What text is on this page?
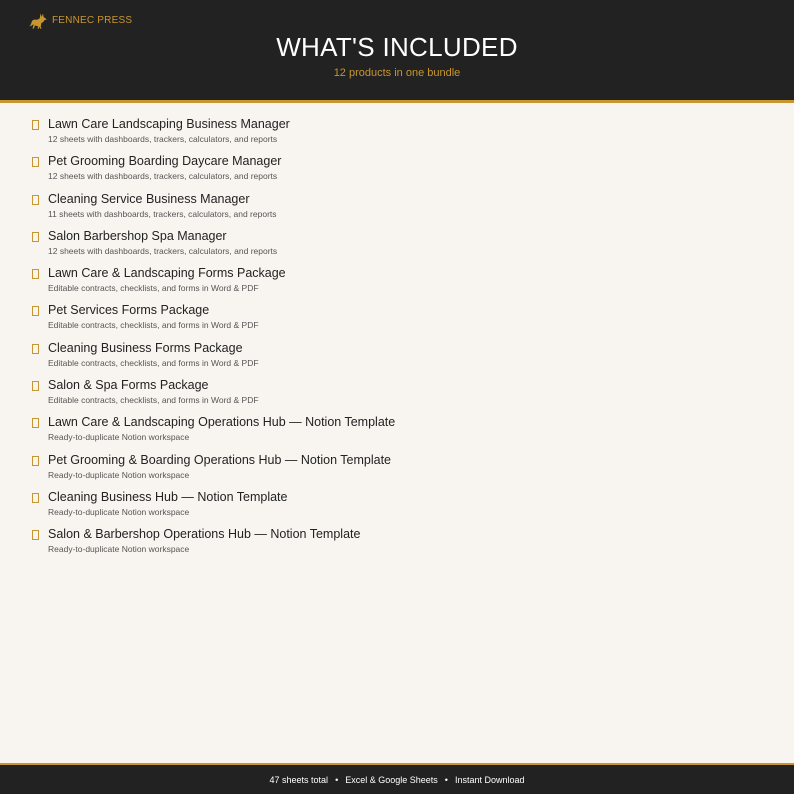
FENNEC PRESS
WHAT'S INCLUDED
12 products in one bundle
Lawn Care Landscaping Business Manager
12 sheets with dashboards, trackers, calculators, and reports
Pet Grooming Boarding Daycare Manager
12 sheets with dashboards, trackers, calculators, and reports
Cleaning Service Business Manager
11 sheets with dashboards, trackers, calculators, and reports
Salon Barbershop Spa Manager
12 sheets with dashboards, trackers, calculators, and reports
Lawn Care & Landscaping Forms Package
Editable contracts, checklists, and forms in Word & PDF
Pet Services Forms Package
Editable contracts, checklists, and forms in Word & PDF
Cleaning Business Forms Package
Editable contracts, checklists, and forms in Word & PDF
Salon & Spa Forms Package
Editable contracts, checklists, and forms in Word & PDF
Lawn Care & Landscaping Operations Hub — Notion Template
Ready-to-duplicate Notion workspace
Pet Grooming & Boarding Operations Hub — Notion Template
Ready-to-duplicate Notion workspace
Cleaning Business Hub — Notion Template
Ready-to-duplicate Notion workspace
Salon & Barbershop Operations Hub — Notion Template
Ready-to-duplicate Notion workspace
47 sheets total • Excel & Google Sheets • Instant Download
